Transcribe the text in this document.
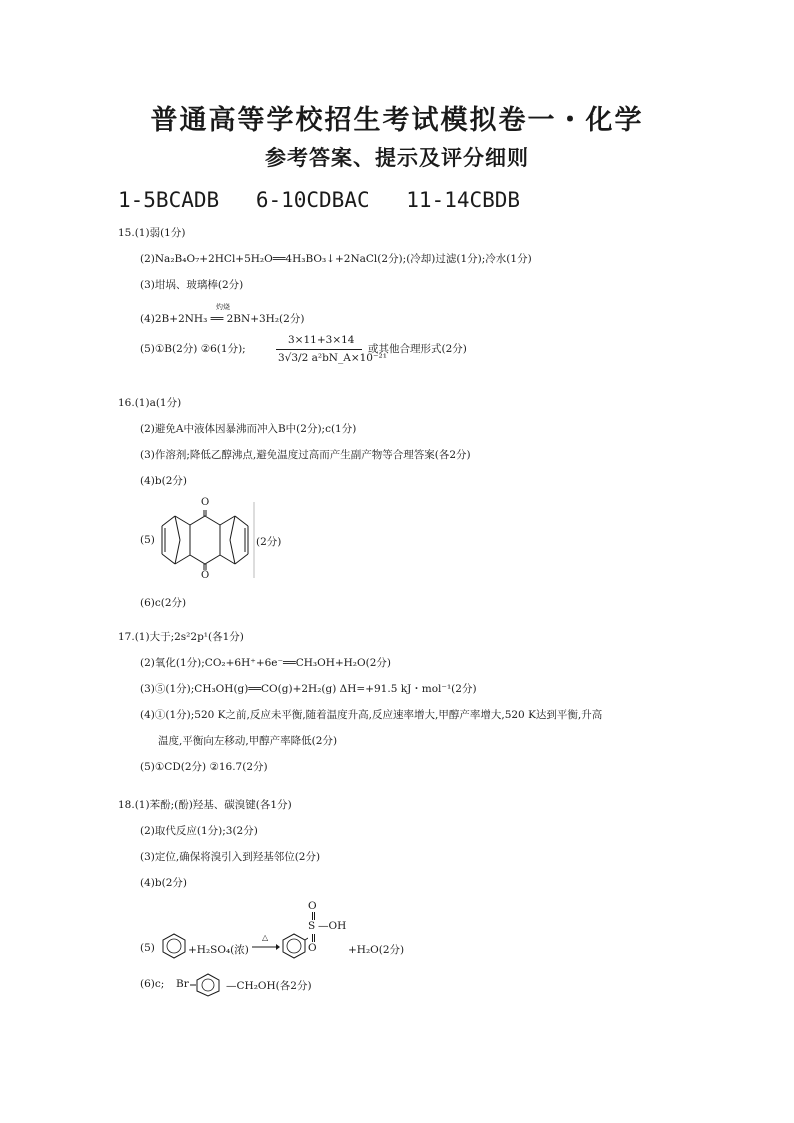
普通高等学校招生考试模拟卷一・化学
参考答案、提示及评分细则
1-5BCADB 6-10CDBAC 11-14CBDB
15.(1)弱(1分)
(2)Na₂B₄O₇+2HCl+5H₂O══4H₃BO₃↓+2NaCl(2分);(冷却)过滤(1分);冷水(1分)
(3)坩埚、玻璃棒(2分)
(4)2B+2NH₃ ══ 2BN+3H₂(2分)
灼烧
(5)①B(2分) ②6(1分);
3×11+3×14
3√3/2 a²bN_A×10⁻²¹
或其他合理形式(2分)
16.(1)a(1分)
(2)避免A中液体因暴沸而冲入B中(2分);c(1分)
(3)作溶剂;降低乙醇沸点,避免温度过高而产生副产物等合理答案(各2分)
(4)b(2分)
(5)	(2分)
O
O
(6)c(2分)
17.(1)大于;2s²2p¹(各1分)
(2)氧化(1分);CO₂+6H⁺+6e⁻══CH₃OH+H₂O(2分)
(3)⑤(1分);CH₃OH(g)══CO(g)+2H₂(g) ΔH=+91.5 kJ・mol⁻¹(2分)
(4)①(1分);520 K之前,反应未平衡,随着温度升高,反应速率增大,甲醇产率增大,520 K达到平衡,升高
温度,平衡向左移动,甲醇产率降低(2分)
(5)①CD(2分) ②16.7(2分)
18.(1)苯酚;(酚)羟基、碳溴键(各1分)
(2)取代反应(1分);3(2分)
(3)定位,确保将溴引入到羟基邻位(2分)
(4)b(2分)
(5)	+H₂SO₄(浓)
△
O
S —OH
O	+H₂O(2分)
(6)c; Br	—CH₂OH(各2分)
